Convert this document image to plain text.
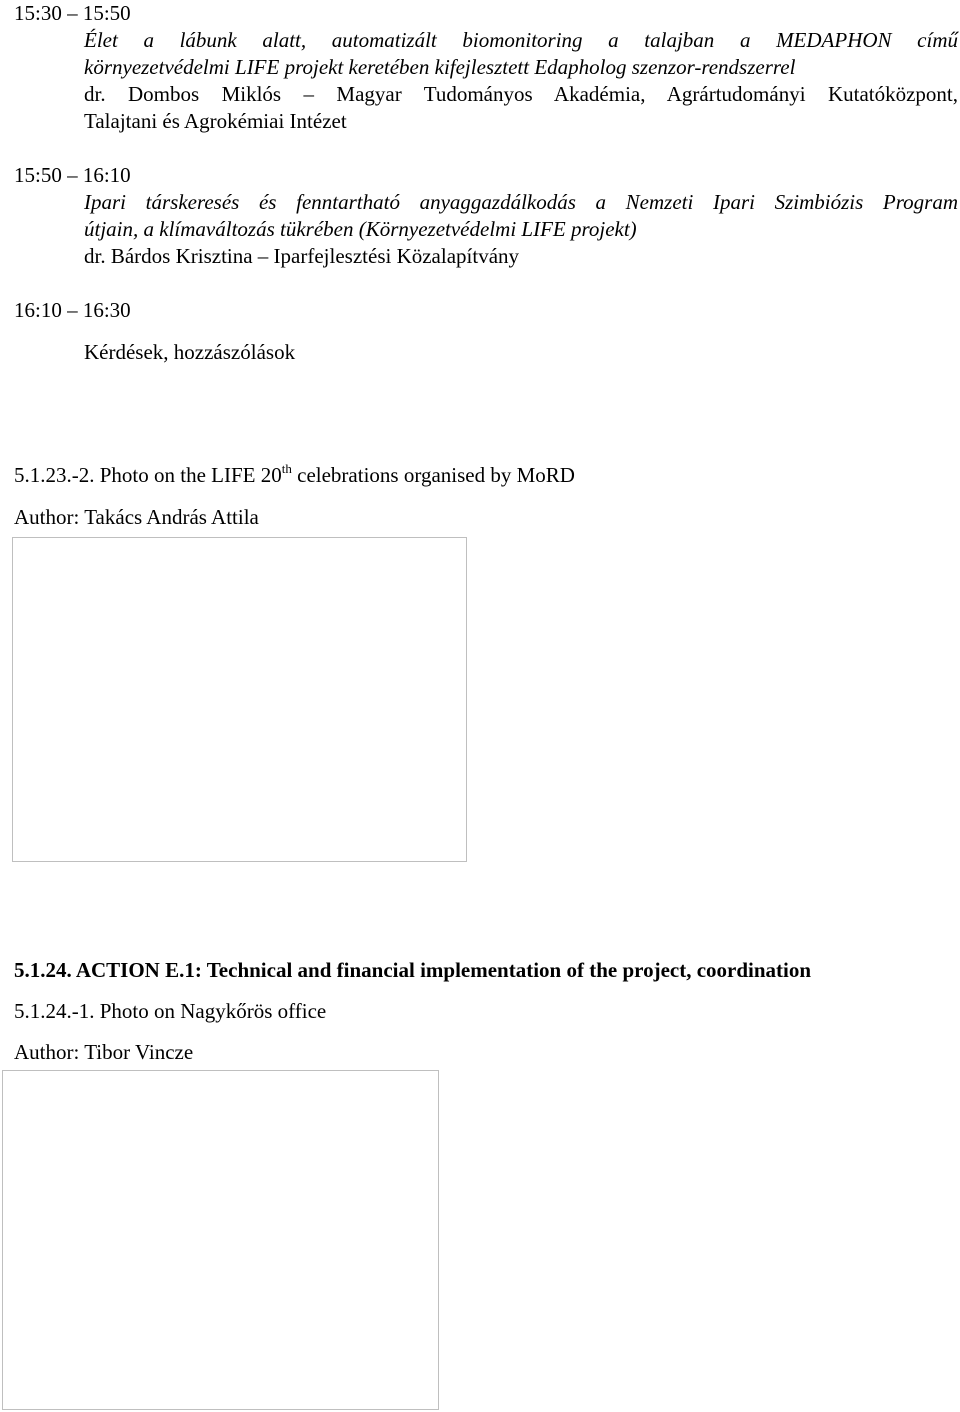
15:30 – 15:50
Élet a lábunk alatt, automatizált biomonitoring a talajban a MEDAPHON című
környezetvédelmi LIFE projekt keretében kifejlesztett Edapholog szenzor-rendszerrel
dr. Dombos Miklós – Magyar Tudományos Akadémia, Agrártudományi Kutatóközpont,
Talajtani és Agrokémiai Intézet
15:50 – 16:10
Ipari társkeresés és fenntartható anyaggazdálkodás a Nemzeti Ipari Szimbiózis Program
útjain, a klímaváltozás tükrében (Környezetvédelmi LIFE projekt)
dr. Bárdos Krisztina – Iparfejlesztési Közalapítvány
16:10 – 16:30
Kérdések, hozzászólások
5.1.23.-2. Photo on the LIFE 20th celebrations organised by MoRD
Author: Takács András Attila
5.1.24. ACTION E.1: Technical and financial implementation of the project, coordination
5.1.24.-1. Photo on Nagykőrös office
Author: Tibor Vincze
